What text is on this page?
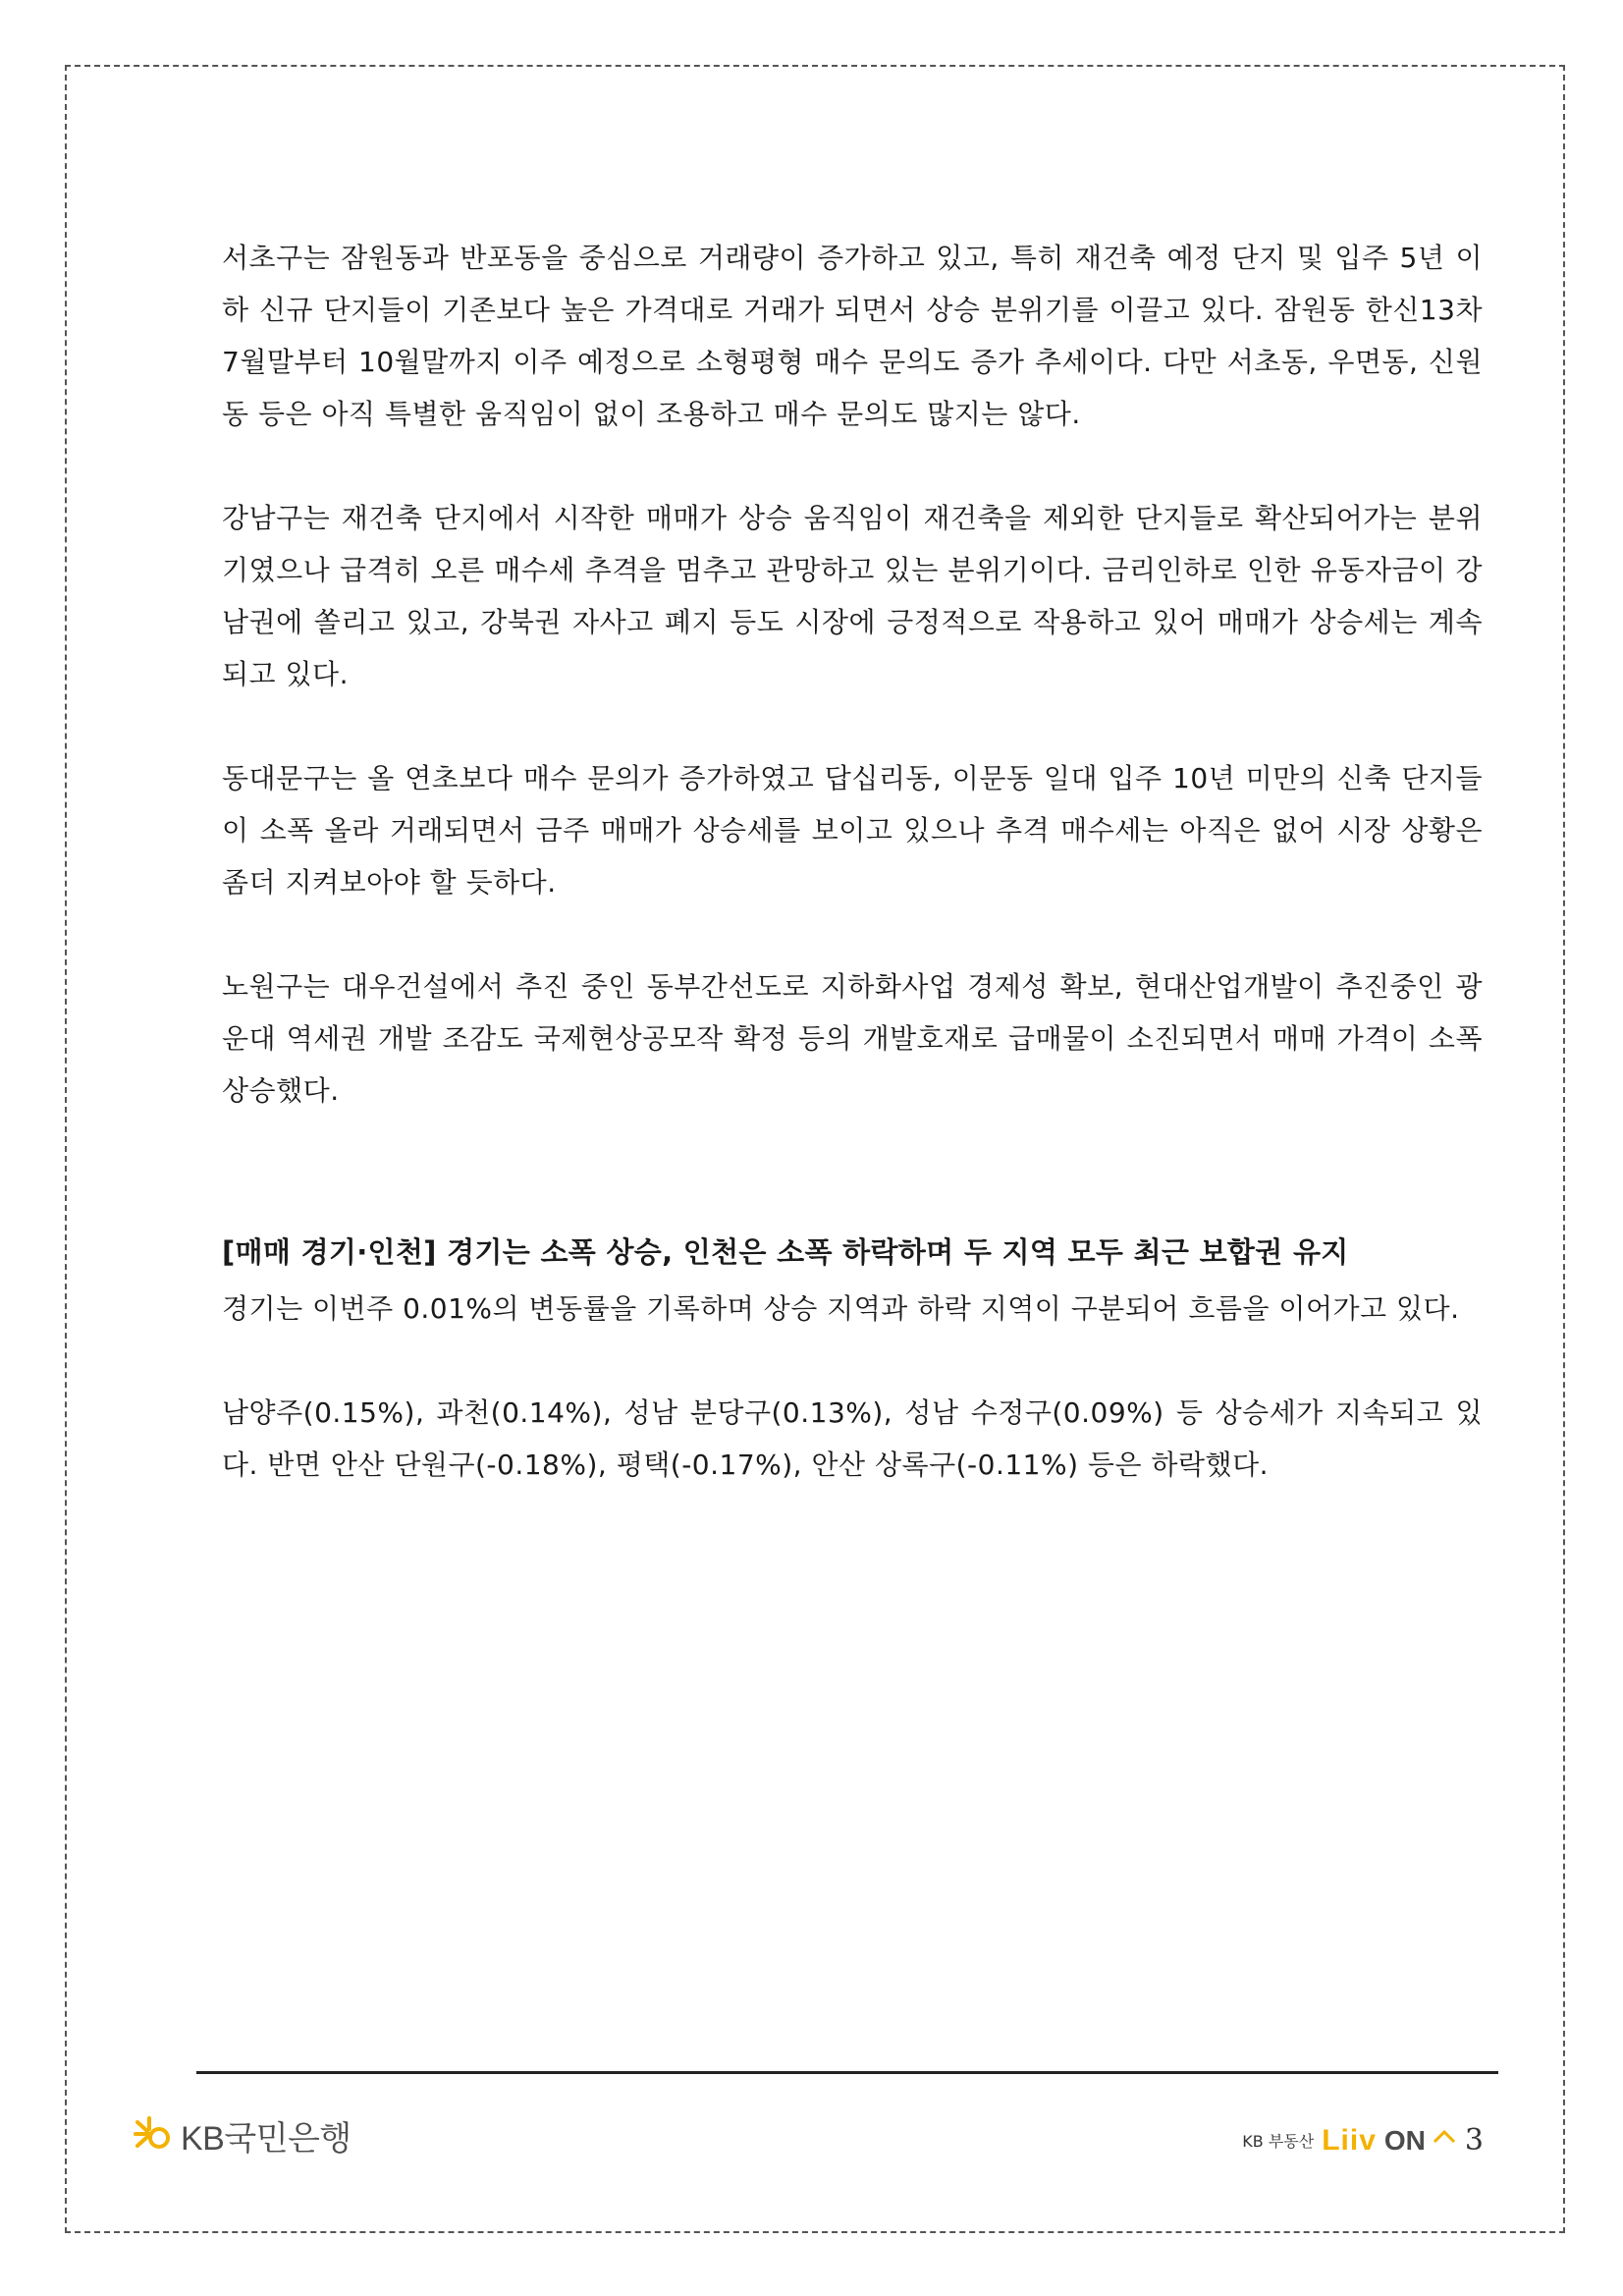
서초구는 잠원동과 반포동을 중심으로 거래량이 증가하고 있고, 특히 재건축 예정 단지 및 입주 5년 이하 신규 단지들이 기존보다 높은 가격대로 거래가 되면서 상승 분위기를 이끌고 있다. 잠원동 한신13차 7월말부터 10월말까지 이주 예정으로 소형평형 매수 문의도 증가 추세이다. 다만 서초동, 우면동, 신원동 등은 아직 특별한 움직임이 없이 조용하고 매수 문의도 많지는 않다.

강남구는 재건축 단지에서 시작한 매매가 상승 움직임이 재건축을 제외한 단지들로 확산되어가는 분위기였으나 급격히 오른 매수세 추격을 멈추고 관망하고 있는 분위기이다. 금리인하로 인한 유동자금이 강남권에 쏠리고 있고, 강북권 자사고 폐지 등도 시장에 긍정적으로 작용하고 있어 매매가 상승세는 계속되고 있다.

동대문구는 올 연초보다 매수 문의가 증가하였고 답십리동, 이문동 일대 입주 10년 미만의 신축 단지들이 소폭 올라 거래되면서 금주 매매가 상승세를 보이고 있으나 추격 매수세는 아직은 없어 시장 상황은 좀더 지켜보아야 할 듯하다.

노원구는 대우건설에서 추진 중인 동부간선도로 지하화사업 경제성 확보, 현대산업개발이 추진중인 광운대 역세권 개발 조감도 국제현상공모작 확정 등의 개발호재로 급매물이 소진되면서 매매 가격이 소폭 상승했다.

[매매 경기·인천] 경기는 소폭 상승, 인천은 소폭 하락하며 두 지역 모두 최근 보합권 유지

경기는 이번주 0.01%의 변동률을 기록하며 상승 지역과 하락 지역이 구분되어 흐름을 이어가고 있다.

남양주(0.15%), 과천(0.14%), 성남 분당구(0.13%), 성남 수정구(0.09%) 등 상승세가 지속되고 있다. 반면 안산 단원구(-0.18%), 평택(-0.17%), 안산 상록구(-0.11%) 등은 하락했다.

KB국민은행	KB 부동산 Liiv ON 3
